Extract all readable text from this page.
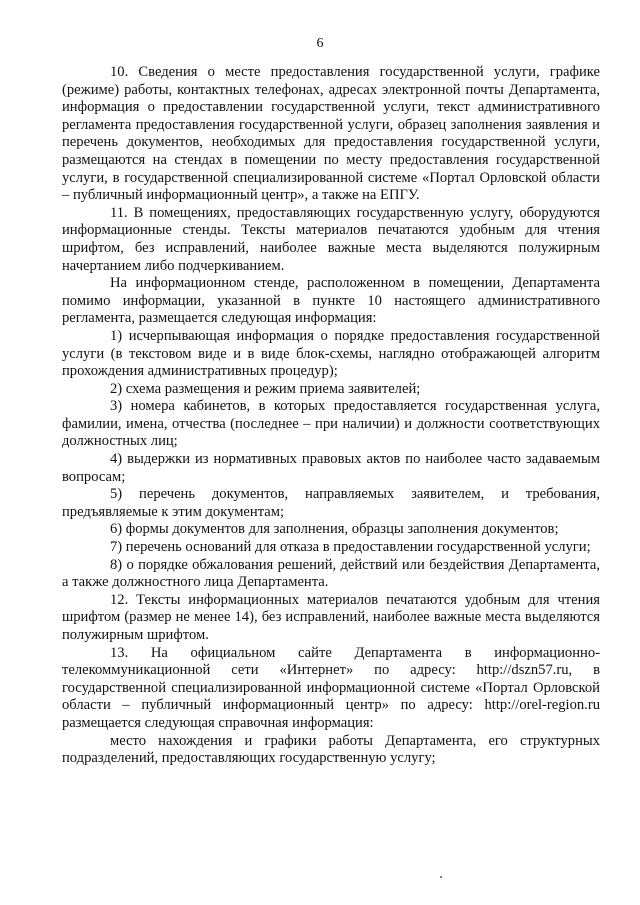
6

10. Сведения о месте предоставления государственной услуги, графике (режиме) работы, контактных телефонах, адресах электронной почты Департамента, информация о предоставлении государственной услуги, текст административного регламента предоставления государственной услуги, образец заполнения заявления и перечень документов, необходимых для предоставления государственной услуги, размещаются на стендах в помещении по месту предоставления государственной услуги, в государственной специализированной системе «Портал Орловской области – публичный информационный центр», а также на ЕПГУ.

11. В помещениях, предоставляющих государственную услугу, оборудуются информационные стенды. Тексты материалов печатаются удобным для чтения шрифтом, без исправлений, наиболее важные места выделяются полужирным начертанием либо подчеркиванием.

На информационном стенде, расположенном в помещении, Департамента помимо информации, указанной в пункте 10 настоящего административного регламента, размещается следующая информация:

1) исчерпывающая информация о порядке предоставления государственной услуги (в текстовом виде и в виде блок-схемы, наглядно отображающей алгоритм прохождения административных процедур);

2) схема размещения и режим приема заявителей;

3) номера кабинетов, в которых предоставляется государственная услуга, фамилии, имена, отчества (последнее – при наличии) и должности соответствующих должностных лиц;

4) выдержки из нормативных правовых актов по наиболее часто задаваемым вопросам;

5) перечень документов, направляемых заявителем, и требования, предъявляемые к этим документам;

6) формы документов для заполнения, образцы заполнения документов;

7) перечень оснований для отказа в предоставлении государственной услуги;

8) о порядке обжалования решений, действий или бездействия Департамента, а также должностного лица Департамента.

12. Тексты информационных материалов печатаются удобным для чтения шрифтом (размер не менее 14), без исправлений, наиболее важные места выделяются полужирным шрифтом.

13. На официальном сайте Департамента в информационно-телекоммуникационной сети «Интернет» по адресу: http://dszn57.ru, в государственной специализированной информационной системе «Портал Орловской области – публичный информационный центр» по адресу: http://orel-region.ru размещается следующая справочная информация:

место нахождения и графики работы Департамента, его структурных подразделений, предоставляющих государственную услугу;
